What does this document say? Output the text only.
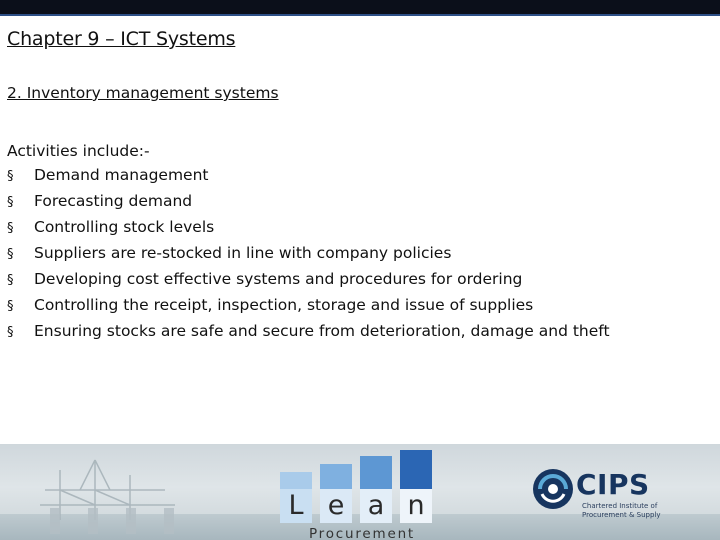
Chapter 9 – ICT Systems
2. Inventory management systems
Activities include:-
§	Demand management
§	Forecasting demand
§	Controlling stock levels
§	Suppliers are re-stocked in line with company policies
§	Developing cost effective systems and procedures for ordering
§	Controlling the receipt, inspection, storage and issue of supplies
§	Ensuring stocks are safe and secure from deterioration, damage and theft
L e a n
Procurement
CIPS
Chartered Institute of Procurement & Supply
